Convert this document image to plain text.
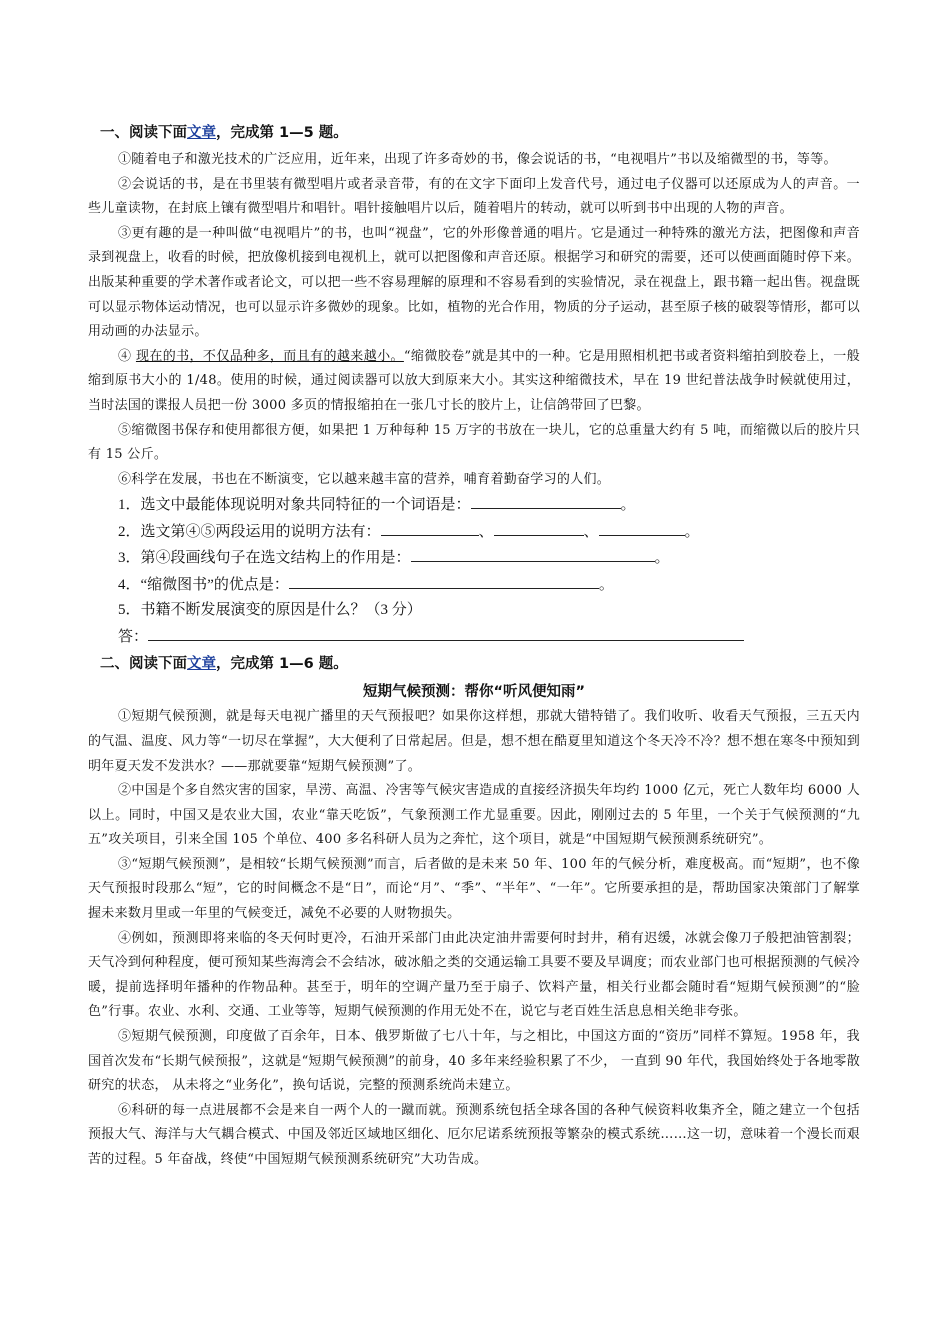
一、阅读下面文章，完成第 1—5 题。

①随着电子和激光技术的广泛应用，近年来，出现了许多奇妙的书，像会说话的书，“电视唱片”书以及缩微型的书，等等。

②会说话的书，是在书里装有微型唱片或者录音带，有的在文字下面印上发音代号，通过电子仪器可以还原成为人的声音。一些儿童读物，在封底上镶有微型唱片和唱针。唱针接触唱片以后，随着唱片的转动，就可以听到书中出现的人物的声音。

③更有趣的是一种叫做“电视唱片”的书，也叫“视盘”，它的外形像普通的唱片。它是通过一种特殊的激光方法，把图像和声音录到视盘上，收看的时候，把放像机接到电视机上，就可以把图像和声音还原。根据学习和研究的需要，还可以使画面随时停下来。出版某种重要的学术著作或者论文，可以把一些不容易理解的原理和不容易看到的实验情况，录在视盘上，跟书籍一起出售。视盘既可以显示物体运动情况，也可以显示许多微妙的现象。比如，植物的光合作用，物质的分子运动，甚至原子核的破裂等情形，都可以用动画的办法显示。

④ 现在的书，不仅品种多，而且有的越来越小。“缩微胶卷”就是其中的一种。它是用照相机把书或者资料缩拍到胶卷上，一般缩到原书大小的 1/48。使用的时候，通过阅读器可以放大到原来大小。其实这种缩微技术，早在 19 世纪普法战争时候就使用过，当时法国的谍报人员把一份 3000 多页的情报缩拍在一张几寸长的胶片上，让信鸽带回了巴黎。

⑤缩微图书保存和使用都很方便，如果把 1 万种每种 15 万字的书放在一块儿，它的总重量大约有 5 吨，而缩微以后的胶片只有 15 公斤。

⑥科学在发展，书也在不断演变，它以越来越丰富的营养，哺育着勤奋学习的人们。

1．选文中最能体现说明对象共同特征的一个词语是：	。

2．选文第④⑤两段运用的说明方法有：	、	、	。

3．第④段画线句子在选文结构上的作用是：	。

4．“缩微图书”的优点是：	。

5．书籍不断发展演变的原因是什么？（3 分）

答：

二、阅读下面文章，完成第 1—6 题。

短期气候预测：帮你“听风便知雨”

①短期气候预测，就是每天电视广播里的天气预报吧？如果你这样想，那就大错特错了。我们收听、收看天气预报，三五天内的气温、温度、风力等“一切尽在掌握”，大大便利了日常起居。但是，想不想在酷夏里知道这个冬天冷不冷？想不想在寒冬中预知到明年夏天发不发洪水？——那就要靠“短期气候预测”了。

②中国是个多自然灾害的国家，旱涝、高温、冷害等气候灾害造成的直接经济损失年均约 1000 亿元，死亡人数年均 6000 人以上。同时，中国又是农业大国，农业“靠天吃饭”，气象预测工作尤显重要。因此，刚刚过去的 5 年里，一个关于气候预测的“九五”攻关项目，引来全国 105 个单位、400 多名科研人员为之奔忙，这个项目，就是“中国短期气候预测系统研究”。

③“短期气候预测”，是相较“长期气候预测”而言，后者做的是未来 50 年、100 年的气候分析，难度极高。而“短期”，也不像天气预报时段那么“短”，它的时间概念不是“日”，而论“月”、“季”、“半年”、“一年”。它所要承担的是，帮助国家决策部门了解掌握未来数月里或一年里的气候变迁，减免不必要的人财物损失。

④例如，预测即将来临的冬天何时更冷，石油开采部门由此决定油井需要何时封井，稍有迟缓，冰就会像刀子般把油管割裂；天气冷到何种程度，便可预知某些海湾会不会结冰，破冰船之类的交通运输工具要不要及早调度；而农业部门也可根据预测的气候冷暖，提前选择明年播种的作物品种。甚至于，明年的空调产量乃至于扇子、饮料产量，相关行业都会随时看“短期气候预测”的“脸色”行事。农业、水利、交通、工业等等，短期气候预测的作用无处不在，说它与老百姓生活息息相关绝非夸张。

⑤短期气候预测，印度做了百余年，日本、俄罗斯做了七八十年，与之相比，中国这方面的“资历”同样不算短。1958 年，我国首次发布“长期气候预报”，这就是“短期气候预测”的前身，40 多年来经验积累了不少， 一直到 90 年代，我国始终处于各地零散研究的状态， 从未将之“业务化”，换句话说，完整的预测系统尚未建立。

⑥科研的每一点进展都不会是来自一两个人的一蹴而就。预测系统包括全球各国的各种气候资料收集齐全，随之建立一个包括预报大气、海洋与大气耦合模式、中国及邻近区域地区细化、厄尔尼诺系统预报等繁杂的模式系统……这一切，意味着一个漫长而艰苦的过程。5 年奋战，终使“中国短期气候预测系统研究”大功告成。
